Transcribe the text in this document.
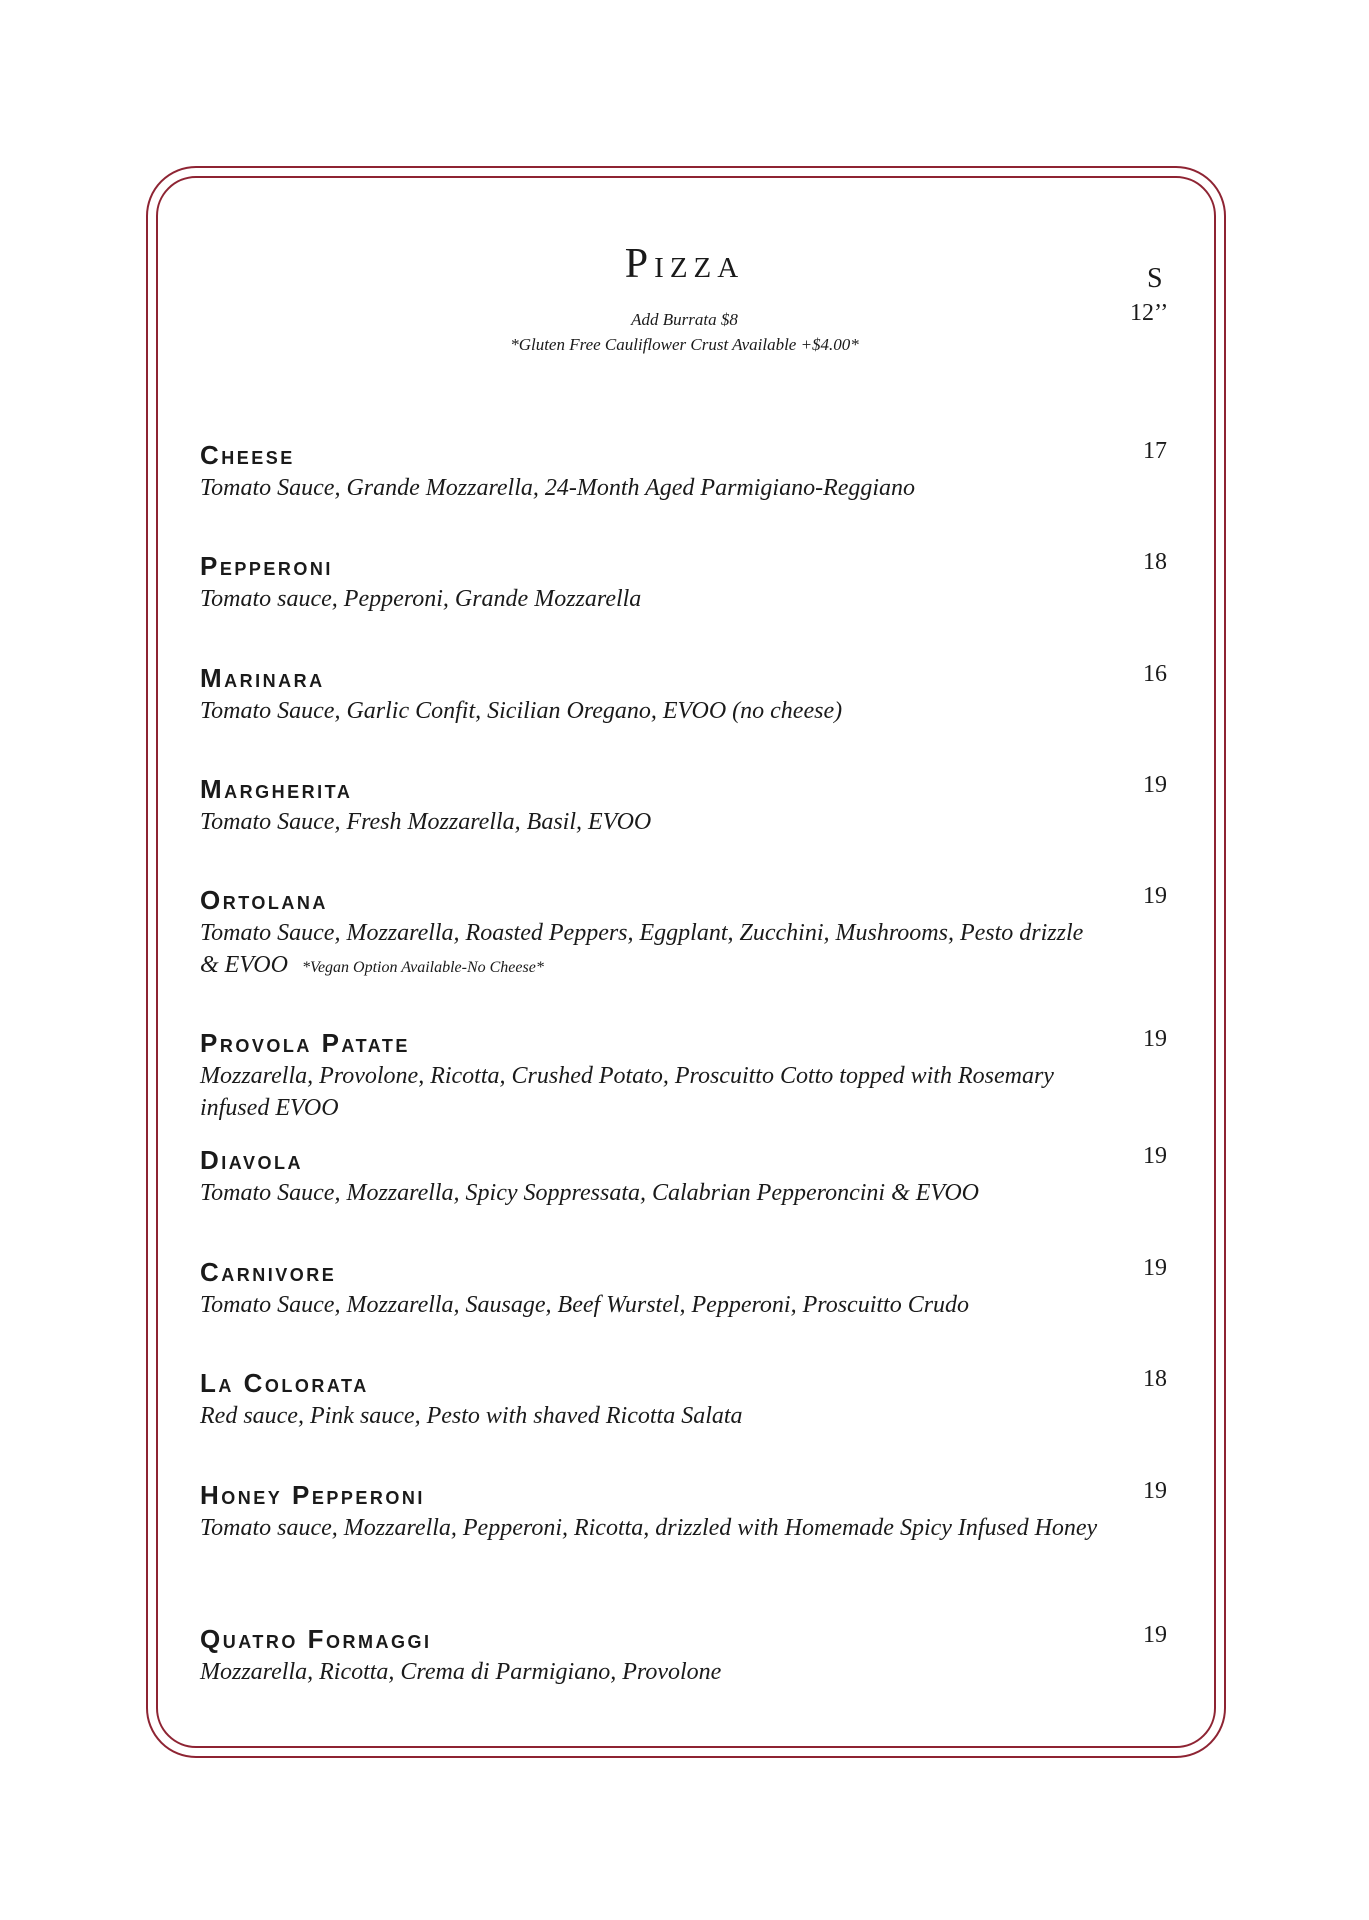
Pizza
Add Burrata $8
*Gluten Free Cauliflower Crust Available +$4.00*
S
12’’
Cheese
Tomato Sauce, Grande Mozzarella, 24-Month Aged Parmigiano-Reggiano
17
Pepperoni
Tomato sauce, Pepperoni, Grande Mozzarella
18
Marinara
Tomato Sauce, Garlic Confit, Sicilian Oregano, EVOO (no cheese)
16
Margherita
Tomato Sauce, Fresh Mozzarella, Basil, EVOO
19
Ortolana
Tomato Sauce, Mozzarella, Roasted Peppers, Eggplant, Zucchini, Mushrooms, Pesto drizzle & EVOO *Vegan Option Available-No Cheese*
19
Provola Patate
Mozzarella, Provolone, Ricotta, Crushed Potato, Proscuitto Cotto topped with Rosemary infused EVOO
19
Diavola
Tomato Sauce, Mozzarella, Spicy Soppressata, Calabrian Pepperoncini & EVOO
19
Carnivore
Tomato Sauce, Mozzarella, Sausage, Beef Wurstel, Pepperoni, Proscuitto Crudo
19
La Colorata
Red sauce, Pink sauce, Pesto with shaved Ricotta Salata
18
Honey Pepperoni
Tomato sauce, Mozzarella, Pepperoni, Ricotta, drizzled with Homemade Spicy Infused Honey
19
Quatro Formaggi
Mozzarella, Ricotta, Crema di Parmigiano, Provolone
19
